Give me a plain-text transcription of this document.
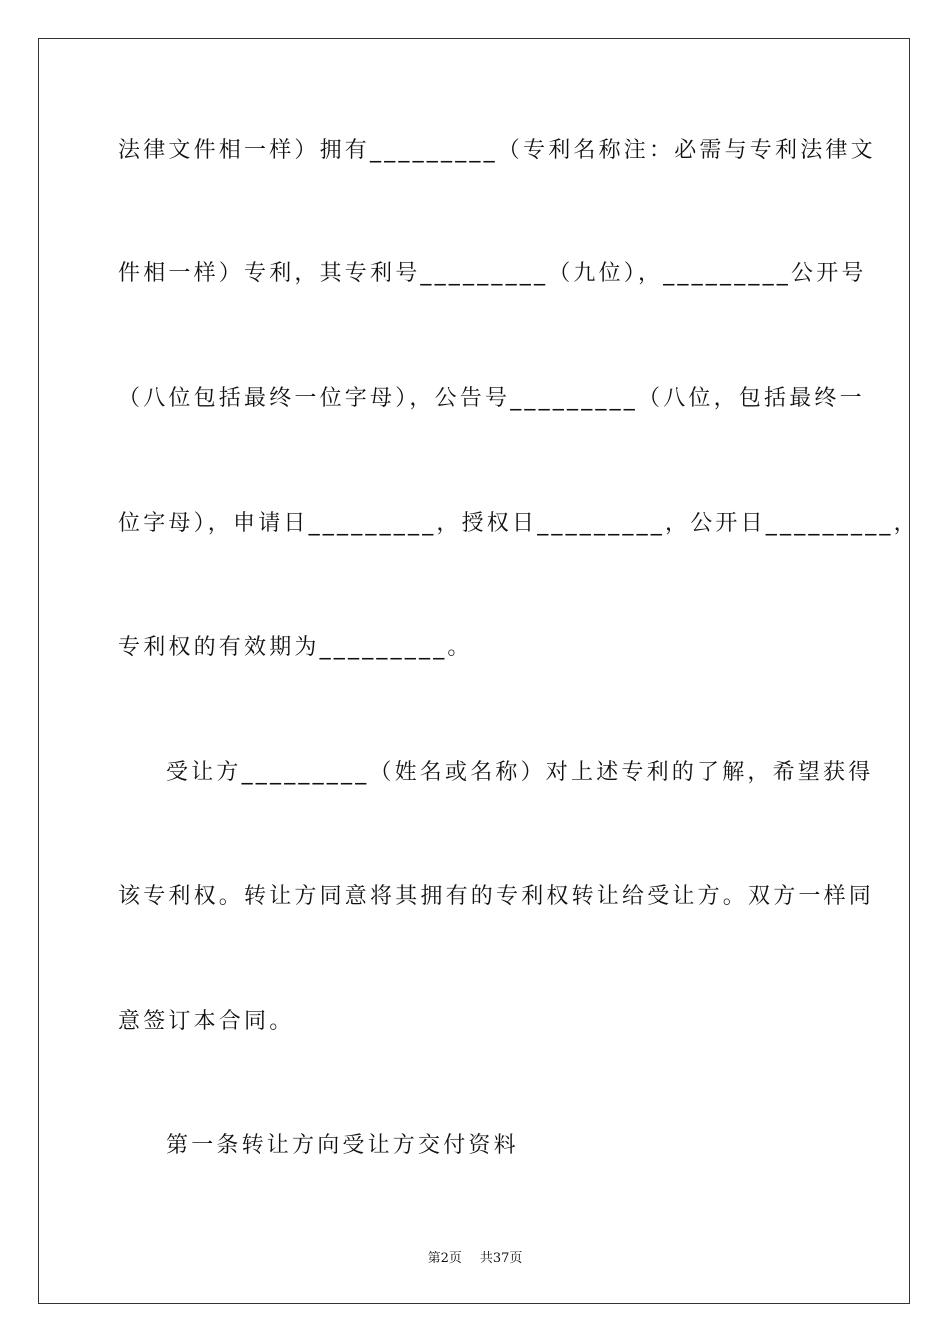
法律文件相一样）拥有_________（专利名称注：必需与专利法律文
件相一样）专利，其专利号_________（九位），_________公开号
（八位包括最终一位字母），公告号_________（八位，包括最终一
位字母），申请日_________，授权日_________，公开日_________，
专利权的有效期为_________。
受让方_________（姓名或名称）对上述专利的了解，希望获得
该专利权。转让方同意将其拥有的专利权转让给受让方。双方一样同
意签订本合同。
第一条转让方向受让方交付资料
第2页 共37页
